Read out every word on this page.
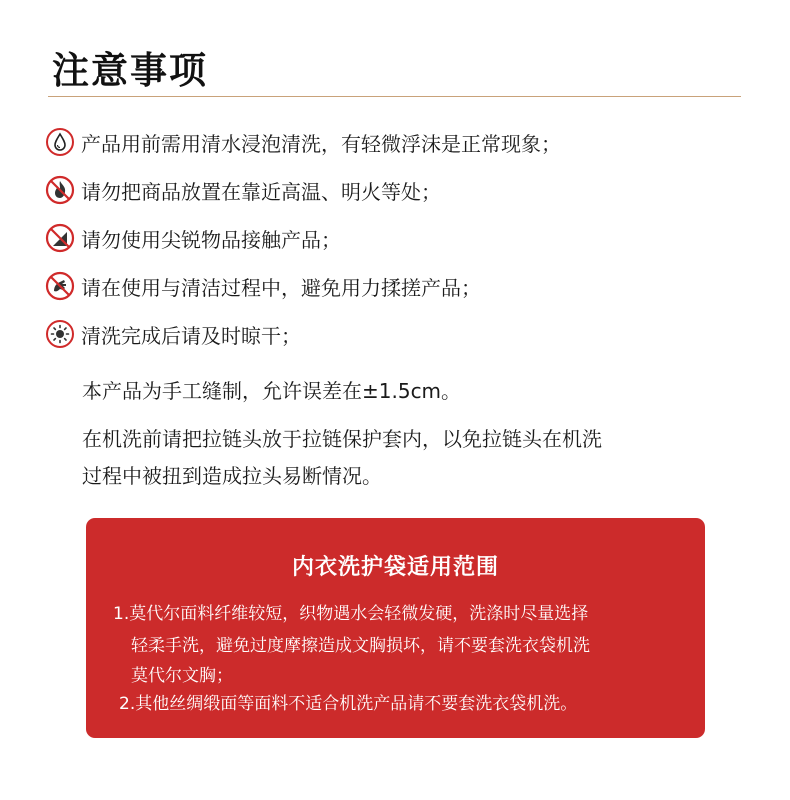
注意事项
产品用前需用清水浸泡清洗，有轻微浮沫是正常现象；
请勿把商品放置在靠近高温、明火等处；
请勿使用尖锐物品接触产品；
请在使用与清洁过程中，避免用力揉搓产品；
清洗完成后请及时晾干；
本产品为手工缝制，允许误差在±1.5cm。
在机洗前请把拉链头放于拉链保护套内，以免拉链头在机洗
过程中被扭到造成拉头易断情况。
内衣洗护袋适用范围
1.莫代尔面料纤维较短，织物遇水会轻微发硬，洗涤时尽量选择
轻柔手洗，避免过度摩擦造成文胸损坏，请不要套洗衣袋机洗
莫代尔文胸；
2.其他丝绸缎面等面料不适合机洗产品请不要套洗衣袋机洗。
